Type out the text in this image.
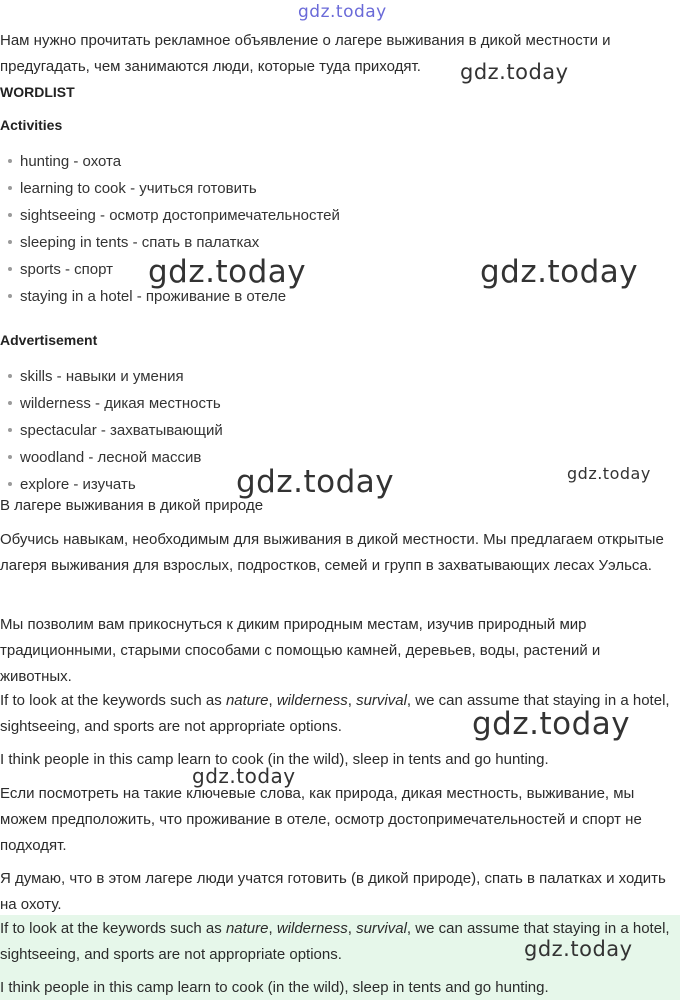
gdz.today

Нам нужно прочитать рекламное объявление о лагере выживания в дикой местности и предугадать, чем занимаются люди, которые туда приходят.

WORDLIST
Activities
hunting - охота
learning to cook - учиться готовить
sightseeing - осмотр достопримечательностей
sleeping in tents - спать в палатках
sports - спорт
staying in a hotel - проживание в отеле
Advertisement
skills - навыки и умения
wilderness - дикая местность
spectacular - захватывающий
woodland - лесной массив
explore - изучать

В лагере выживания в дикой природе

Обучись навыкам, необходимым для выживания в дикой местности. Мы предлагаем открытые лагеря выживания для взрослых, подростков, семей и групп в захватывающих лесах Уэльса.

Мы позволим вам прикоснуться к диким природным местам, изучив природный мир традиционными, старыми способами с помощью камней, деревьев, воды, растений и животных.

If to look at the keywords such as nature, wilderness, survival, we can assume that staying in a hotel, sightseeing, and sports are not appropriate options.

I think people in this camp learn to cook (in the wild), sleep in tents and go hunting.

Если посмотреть на такие ключевые слова, как природа, дикая местность, выживание, мы можем предположить, что проживание в отеле, осмотр достопримечательностей и спорт не подходят.

Я думаю, что в этом лагере люди учатся готовить (в дикой природе), спать в палатках и ходить на охоту.

If to look at the keywords such as nature, wilderness, survival, we can assume that staying in a hotel, sightseeing, and sports are not appropriate options.

I think people in this camp learn to cook (in the wild), sleep in tents and go hunting.

gdz.today
gdz.today	gdz.today
gdz.today	gdz.today
gdz.today
gdz.today
gdz.today
